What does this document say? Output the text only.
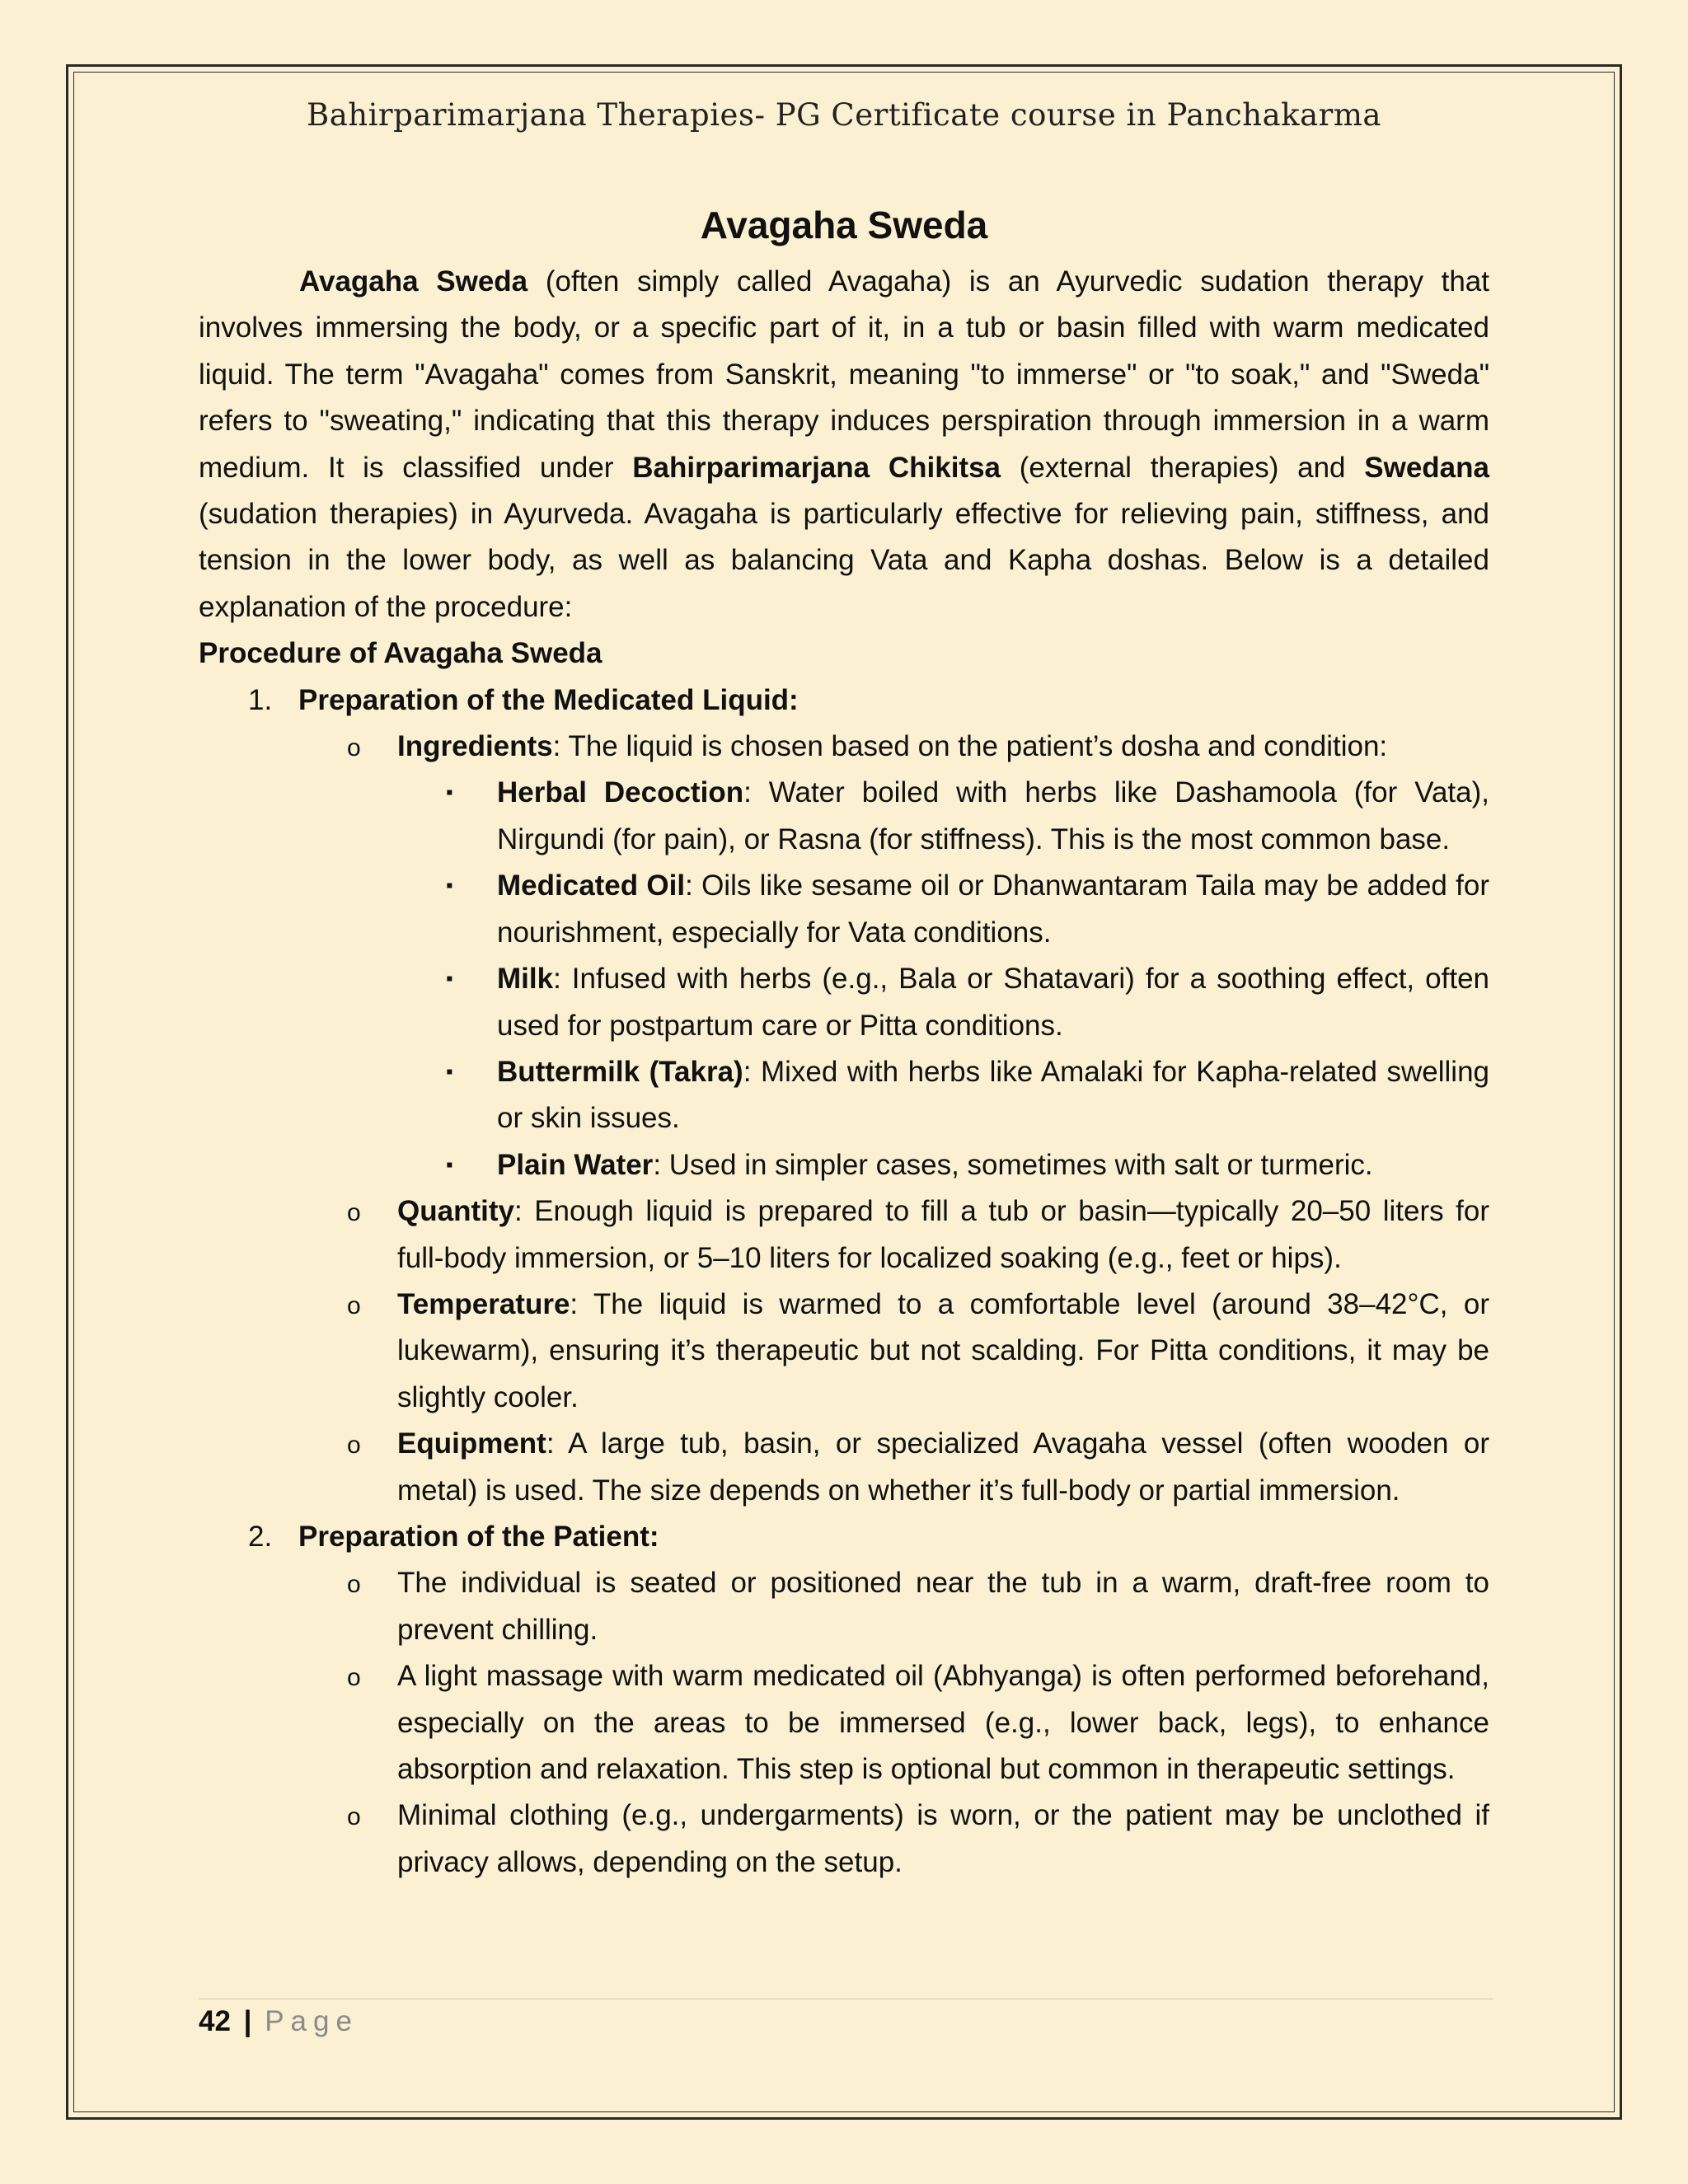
Bahirparimarjana Therapies- PG Certificate course in Panchakarma
Avagaha Sweda

Avagaha Sweda (often simply called Avagaha) is an Ayurvedic sudation therapy that involves immersing the body, or a specific part of it, in a tub or basin filled with warm medicated liquid. The term "Avagaha" comes from Sanskrit, meaning "to immerse" or "to soak," and "Sweda" refers to "sweating," indicating that this therapy induces perspiration through immersion in a warm medium. It is classified under Bahirparimarjana Chikitsa (external therapies) and Swedana (sudation therapies) in Ayurveda. Avagaha is particularly effective for relieving pain, stiffness, and tension in the lower body, as well as balancing Vata and Kapha doshas. Below is a detailed explanation of the procedure:

Procedure of Avagaha Sweda

1. Preparation of the Medicated Liquid:

o Ingredients: The liquid is chosen based on the patient’s dosha and condition:

▪ Herbal Decoction: Water boiled with herbs like Dashamoola (for Vata), Nirgundi (for pain), or Rasna (for stiffness). This is the most common base.

▪ Medicated Oil: Oils like sesame oil or Dhanwantaram Taila may be added for nourishment, especially for Vata conditions.

▪ Milk: Infused with herbs (e.g., Bala or Shatavari) for a soothing effect, often used for postpartum care or Pitta conditions.

▪ Buttermilk (Takra): Mixed with herbs like Amalaki for Kapha-related swelling or skin issues.

▪ Plain Water: Used in simpler cases, sometimes with salt or turmeric.

o Quantity: Enough liquid is prepared to fill a tub or basin—typically 20–50 liters for full-body immersion, or 5–10 liters for localized soaking (e.g., feet or hips).

o Temperature: The liquid is warmed to a comfortable level (around 38–42°C, or lukewarm), ensuring it’s therapeutic but not scalding. For Pitta conditions, it may be slightly cooler.

o Equipment: A large tub, basin, or specialized Avagaha vessel (often wooden or metal) is used. The size depends on whether it’s full-body or partial immersion.

2. Preparation of the Patient:

o The individual is seated or positioned near the tub in a warm, draft-free room to prevent chilling.

o A light massage with warm medicated oil (Abhyanga) is often performed beforehand, especially on the areas to be immersed (e.g., lower back, legs), to enhance absorption and relaxation. This step is optional but common in therapeutic settings.

o Minimal clothing (e.g., undergarments) is worn, or the patient may be unclothed if privacy allows, depending on the setup.

42 | Page
